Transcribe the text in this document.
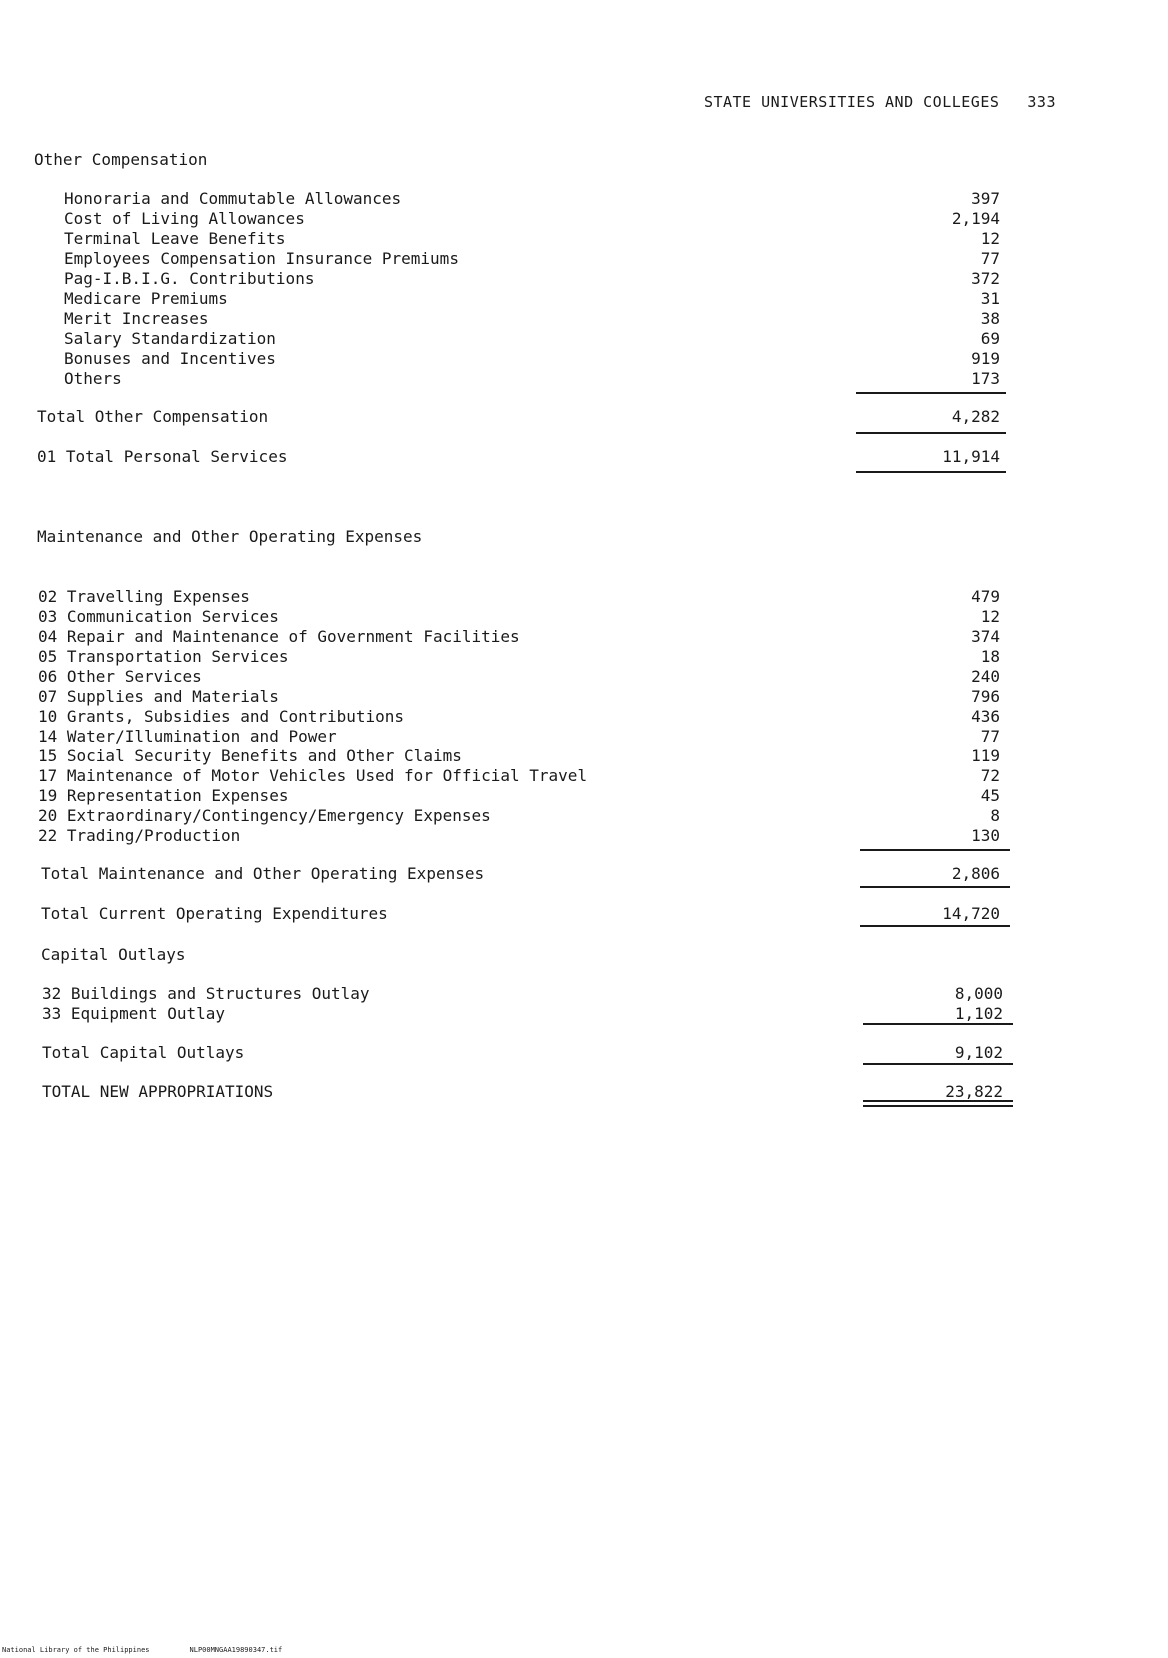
STATE UNIVERSITIES AND COLLEGES 333
Other Compensation
Honoraria and Commutable Allowances	397
Cost of Living Allowances	2,194
Terminal Leave Benefits	12
Employees Compensation Insurance Premiums	77
Pag-I.B.I.G. Contributions	372
Medicare Premiums	31
Merit Increases	38
Salary Standardization	69
Bonuses and Incentives	919
Others	173
Total Other Compensation	4,282
01 Total Personal Services	11,914
Maintenance and Other Operating Expenses
02 Travelling Expenses	479
03 Communication Services	12
04 Repair and Maintenance of Government Facilities	374
05 Transportation Services	18
06 Other Services	240
07 Supplies and Materials	796
10 Grants, Subsidies and Contributions	436
14 Water/Illumination and Power	77
15 Social Security Benefits and Other Claims	119
17 Maintenance of Motor Vehicles Used for Official Travel	72
19 Representation Expenses	45
20 Extraordinary/Contingency/Emergency Expenses	8
22 Trading/Production	130
Total Maintenance and Other Operating Expenses	2,806
Total Current Operating Expenditures	14,720
Capital Outlays
32 Buildings and Structures Outlay	8,000
33 Equipment Outlay	1,102
Total Capital Outlays	9,102
TOTAL NEW APPROPRIATIONS	23,822
National Library of the Philippines	NLP00MNGAA19890347.tif
